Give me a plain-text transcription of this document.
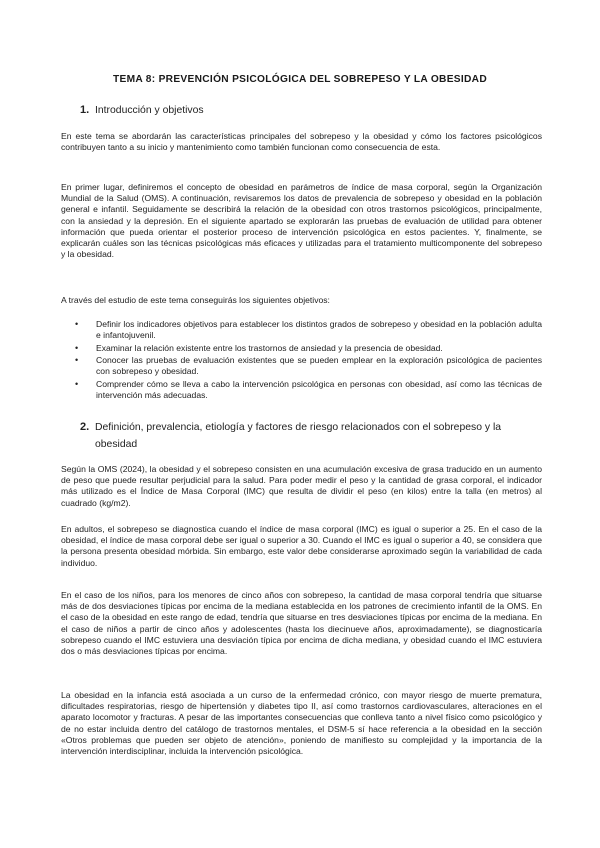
TEMA 8: PREVENCIÓN PSICOLÓGICA DEL SOBREPESO Y LA OBESIDAD
1. Introducción y objetivos

En este tema se abordarán las características principales del sobrepeso y la obesidad y cómo los factores psicológicos contribuyen tanto a su inicio y mantenimiento como también funcionan como consecuencia de esta.

En primer lugar, definiremos el concepto de obesidad en parámetros de índice de masa corporal, según la Organización Mundial de la Salud (OMS). A continuación, revisaremos los datos de prevalencia de sobrepeso y obesidad en la población general e infantil. Seguidamente se describirá la relación de la obesidad con otros trastornos psicológicos, principalmente, con la ansiedad y la depresión. En el siguiente apartado se explorarán las pruebas de evaluación de utilidad para obtener información que pueda orientar el posterior proceso de intervención psicológica en estos pacientes. Y, finalmente, se explicarán cuáles son las técnicas psicológicas más eficaces y utilizadas para el tratamiento multicomponente del sobrepeso y la obesidad.

A través del estudio de este tema conseguirás los siguientes objetivos:

• Definir los indicadores objetivos para establecer los distintos grados de sobrepeso y obesidad en la población adulta e infantojuvenil.
• Examinar la relación existente entre los trastornos de ansiedad y la presencia de obesidad.
• Conocer las pruebas de evaluación existentes que se pueden emplear en la exploración psicológica de pacientes con sobrepeso y obesidad.
• Comprender cómo se lleva a cabo la intervención psicológica en personas con obesidad, así como las técnicas de intervención más adecuadas.
2. Definición, prevalencia, etiología y factores de riesgo relacionados con el sobrepeso y la obesidad

Según la OMS (2024), la obesidad y el sobrepeso consisten en una acumulación excesiva de grasa traducido en un aumento de peso que puede resultar perjudicial para la salud. Para poder medir el peso y la cantidad de grasa corporal, el indicador más utilizado es el Índice de Masa Corporal (IMC) que resulta de dividir el peso (en kilos) entre la talla (en metros) al cuadrado (kg/m2).

En adultos, el sobrepeso se diagnostica cuando el índice de masa corporal (IMC) es igual o superior a 25. En el caso de la obesidad, el índice de masa corporal debe ser igual o superior a 30. Cuando el IMC es igual o superior a 40, se considera que la persona presenta obesidad mórbida. Sin embargo, este valor debe considerarse aproximado según la variabilidad de cada individuo.

En el caso de los niños, para los menores de cinco años con sobrepeso, la cantidad de masa corporal tendría que situarse más de dos desviaciones típicas por encima de la mediana establecida en los patrones de crecimiento infantil de la OMS. En el caso de la obesidad en este rango de edad, tendría que situarse en tres desviaciones típicas por encima de la mediana. En el caso de niños a partir de cinco años y adolescentes (hasta los diecinueve años, aproximadamente), se diagnosticaría sobrepeso cuando el IMC estuviera una desviación típica por encima de dicha mediana, y obesidad cuando el IMC estuviera dos o más desviaciones típicas por encima.

La obesidad en la infancia está asociada a un curso de la enfermedad crónico, con mayor riesgo de muerte prematura, dificultades respiratorias, riesgo de hipertensión y diabetes tipo II, así como trastornos cardiovasculares, alteraciones en el aparato locomotor y fracturas. A pesar de las importantes consecuencias que conlleva tanto a nivel físico como psicológico y de no estar incluida dentro del catálogo de trastornos mentales, el DSM-5 sí hace referencia a la obesidad en la sección «Otros problemas que pueden ser objeto de atención», poniendo de manifiesto su complejidad y la importancia de la intervención interdisciplinar, incluida la intervención psicológica.
